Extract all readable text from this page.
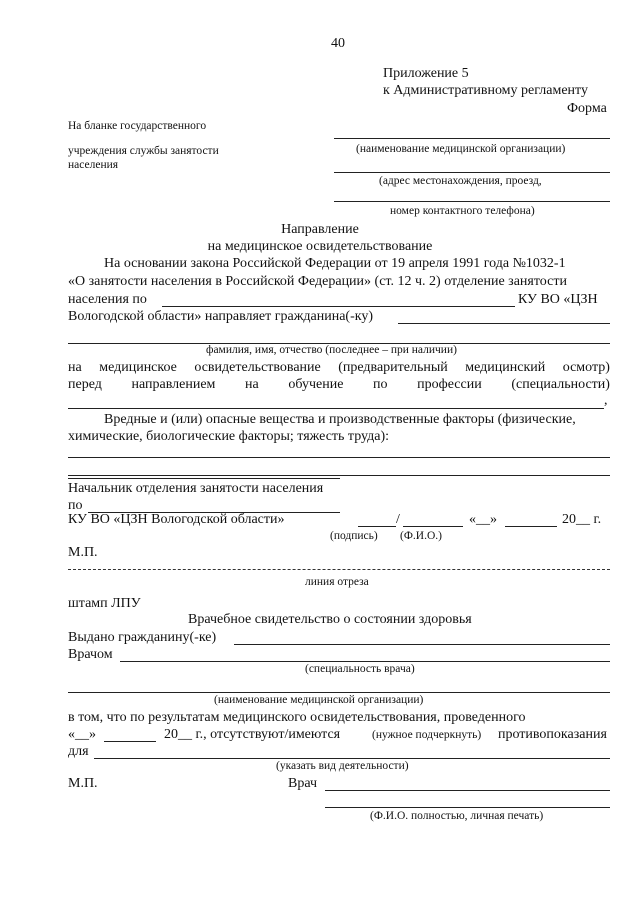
40
Приложение 5
к Административному регламенту
Форма
На бланке государственного
учреждения службы занятости
населения
(наименование медицинской организации)
(адрес местонахождения, проезд,
номер контактного телефона)
Направление
на медицинское освидетельствование
На основании закона Российской Федерации от 19 апреля 1991 года №1032-1
«О занятости населения в Российской Федерации» (ст. 12 ч. 2) отделение занятости
населения по	КУ ВО «ЦЗН
Вологодской области» направляет гражданина(-ку)
фамилия, имя, отчество (последнее – при наличии)
на медицинское освидетельствование (предварительный медицинский осмотр)
перед направлением на обучение по профессии (специальности)
,
Вредные и (или) опасные вещества и производственные факторы (физические,
химические, биологические факторы; тяжесть труда):
Начальник отделения занятости населения
по
КУ ВО «ЦЗН Вологодской области»	/	«__»	20__ г.
(подпись) (Ф.И.О.)
М.П.
линия отреза
штамп ЛПУ
Врачебное свидетельство о состоянии здоровья
Выдано гражданину(-ке)
Врачом
(специальность врача)
(наименование медицинской организации)
в том, что по результатам медицинского освидетельствования, проведенного
«__»	20__ г., отсутствуют/имеются	(нужное подчеркнуть) противопоказания
для
(указать вид деятельности)
М.П.	Врач
(Ф.И.О. полностью, личная печать)
